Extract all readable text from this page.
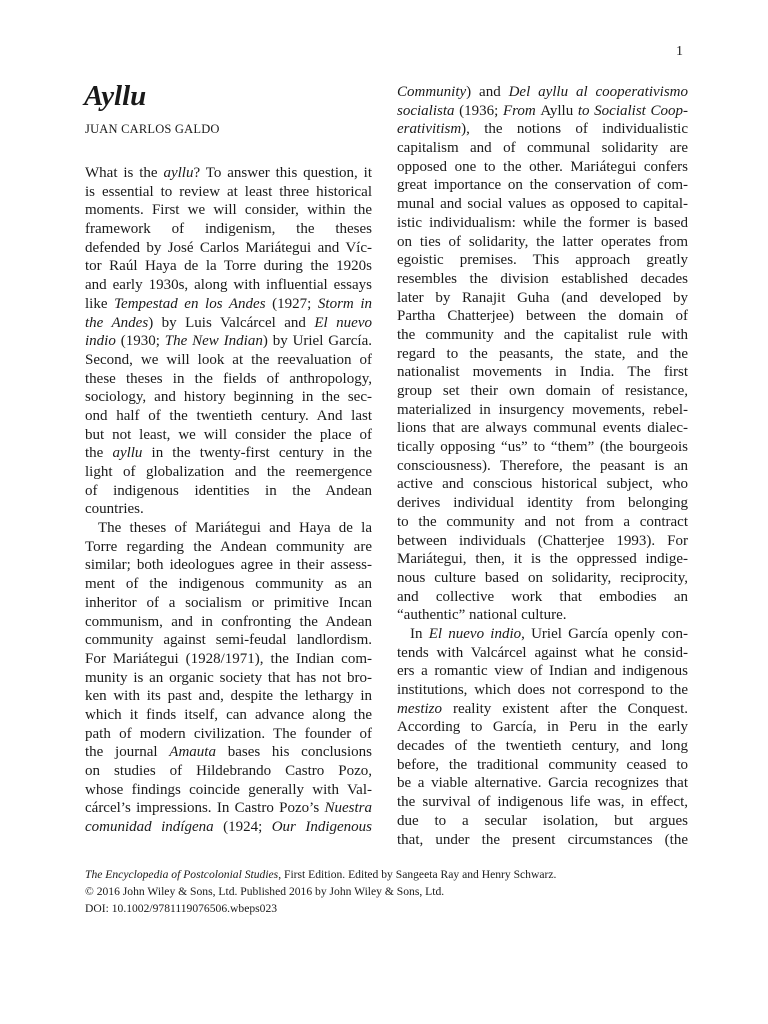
1
Ayllu
JUAN CARLOS GALDO
What is the ayllu? To answer this question, it
is essential to review at least three historical
moments. First we will consider, within the
framework of indigenism, the theses
defended by José Carlos Mariátegui and Víc-
tor Raúl Haya de la Torre during the 1920s
and early 1930s, along with influential essays
like Tempestad en los Andes (1927; Storm in
the Andes) by Luis Valcárcel and El nuevo
indio (1930; The New Indian) by Uriel García.
Second, we will look at the reevaluation of
these theses in the fields of anthropology,
sociology, and history beginning in the sec-
ond half of the twentieth century. And last
but not least, we will consider the place of
the ayllu in the twenty-first century in the
light of globalization and the reemergence
of indigenous identities in the Andean
countries.
The theses of Mariátegui and Haya de la
Torre regarding the Andean community are
similar; both ideologues agree in their assess-
ment of the indigenous community as an
inheritor of a socialism or primitive Incan
communism, and in confronting the Andean
community against semi-feudal landlordism.
For Mariátegui (1928/1971), the Indian com-
munity is an organic society that has not bro-
ken with its past and, despite the lethargy in
which it finds itself, can advance along the
path of modern civilization. The founder of
the journal Amauta bases his conclusions
on studies of Hildebrando Castro Pozo,
whose findings coincide generally with Val-
cárcel’s impressions. In Castro Pozo’s Nuestra
comunidad indígena (1924; Our Indigenous
Community) and Del ayllu al cooperativismo
socialista (1936; From Ayllu to Socialist Coop-
erativitism), the notions of individualistic
capitalism and of communal solidarity are
opposed one to the other. Mariátegui confers
great importance on the conservation of com-
munal and social values as opposed to capital-
istic individualism: while the former is based
on ties of solidarity, the latter operates from
egoistic premises. This approach greatly
resembles the division established decades
later by Ranajit Guha (and developed by
Partha Chatterjee) between the domain of
the community and the capitalist rule with
regard to the peasants, the state, and the
nationalist movements in India. The first
group set their own domain of resistance,
materialized in insurgency movements, rebel-
lions that are always communal events dialec-
tically opposing “us” to “them” (the bourgeois
consciousness). Therefore, the peasant is an
active and conscious historical subject, who
derives individual identity from belonging
to the community and not from a contract
between individuals (Chatterjee 1993). For
Mariátegui, then, it is the oppressed indige-
nous culture based on solidarity, reciprocity,
and collective work that embodies an
“authentic” national culture.
In El nuevo indio, Uriel García openly con-
tends with Valcárcel against what he consid-
ers a romantic view of Indian and indigenous
institutions, which does not correspond to the
mestizo reality existent after the Conquest.
According to García, in Peru in the early
decades of the twentieth century, and long
before, the traditional community ceased to
be a viable alternative. Garcia recognizes that
the survival of indigenous life was, in effect,
due to a secular isolation, but argues
that, under the present circumstances (the
The Encyclopedia of Postcolonial Studies, First Edition. Edited by Sangeeta Ray and Henry Schwarz.
© 2016 John Wiley & Sons, Ltd. Published 2016 by John Wiley & Sons, Ltd.
DOI: 10.1002/9781119076506.wbeps023
